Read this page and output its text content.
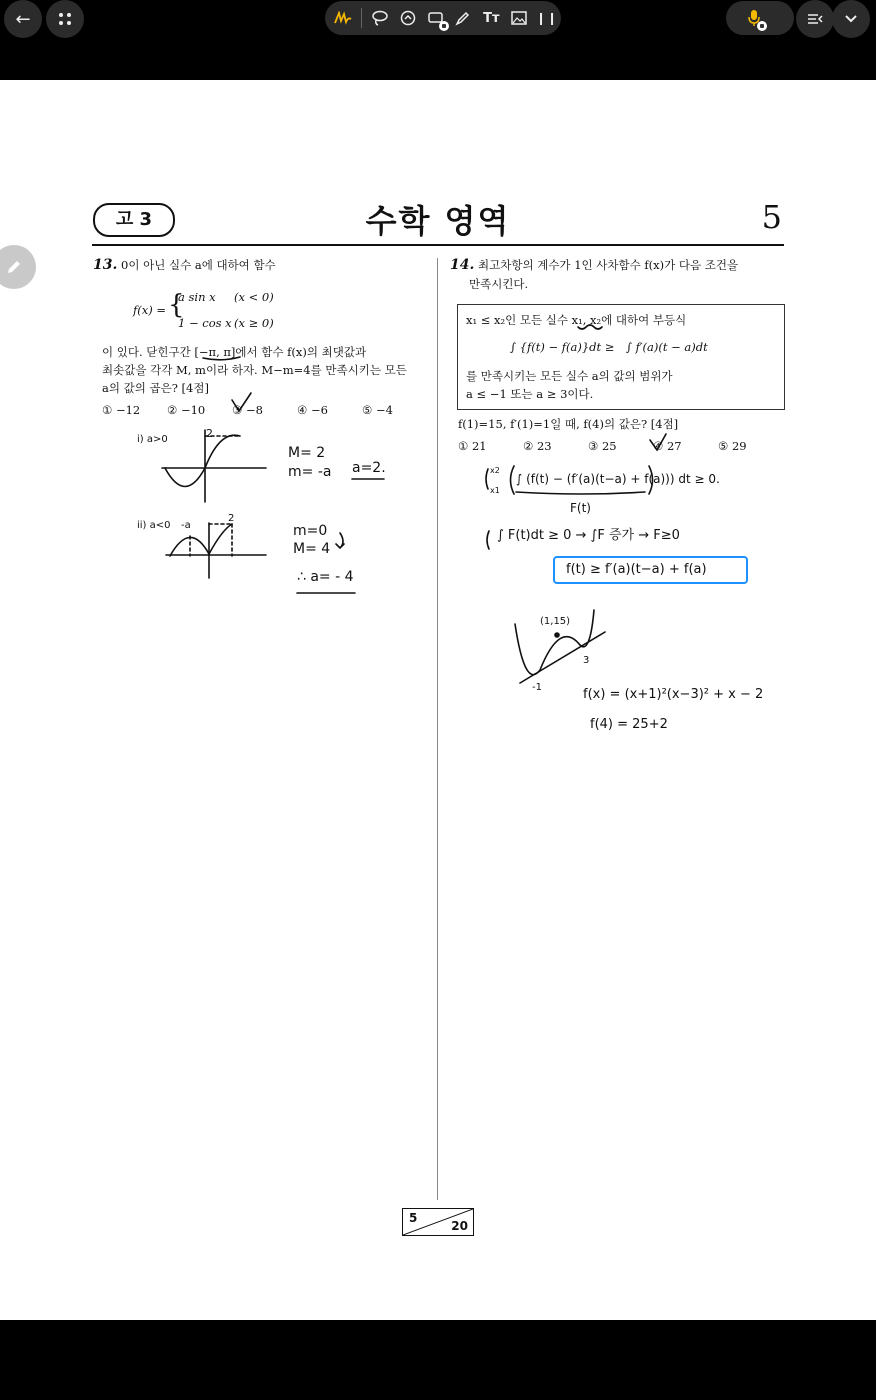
←	Tт	❙❙
고 3	수학 영역	5
13. 0이 아닌 실수 a에 대하여 함수
f(x) = {
a sin x (x < 0)
1 − cos x (x ≥ 0)
이 있다. 닫힌구간 [−π, π]에서 함수 f(x)의 최댓값과
최솟값을 각각 M, m이라 하자. M−m=4를 만족시키는 모든
a의 값의 곱은? [4점]
① −12	② −10	③ −8	④ −6	⑤ −4
14. 최고차항의 계수가 1인 사차함수 f(x)가 다음 조건을
만족시킨다.
x₁ ≤ x₂인 모든 실수 x₁, x₂에 대하여 부등식
∫ {f(t) − f(a)}dt ≥ ∫ f′(a)(t − a)dt
를 만족시키는 모든 실수 a의 값의 범위가
a ≤ −1 또는 a ≥ 3이다.
f(1)=15, f′(1)=1일 때, f(4)의 값은? [4점]
① 21	② 23	③ 25	④ 27	⑤ 29
i) a>0	2
M= 2
m= -a a=2.
ii) a<0 -a
2
m=0
M= 4
∴ a= - 4
x2
x1
∫ (f(t) − (f′(a)(t−a) + f(a))) dt ≥ 0.
F(t)
∫ F(t)dt ≥ 0 → ∫F 증가 → F≥0
f(t) ≥ f′(a)(t−a) + f(a)
(1,15)
-1
3
f(x) = (x+1)²(x−3)² + x − 2
f(4) = 25+2
5
20
